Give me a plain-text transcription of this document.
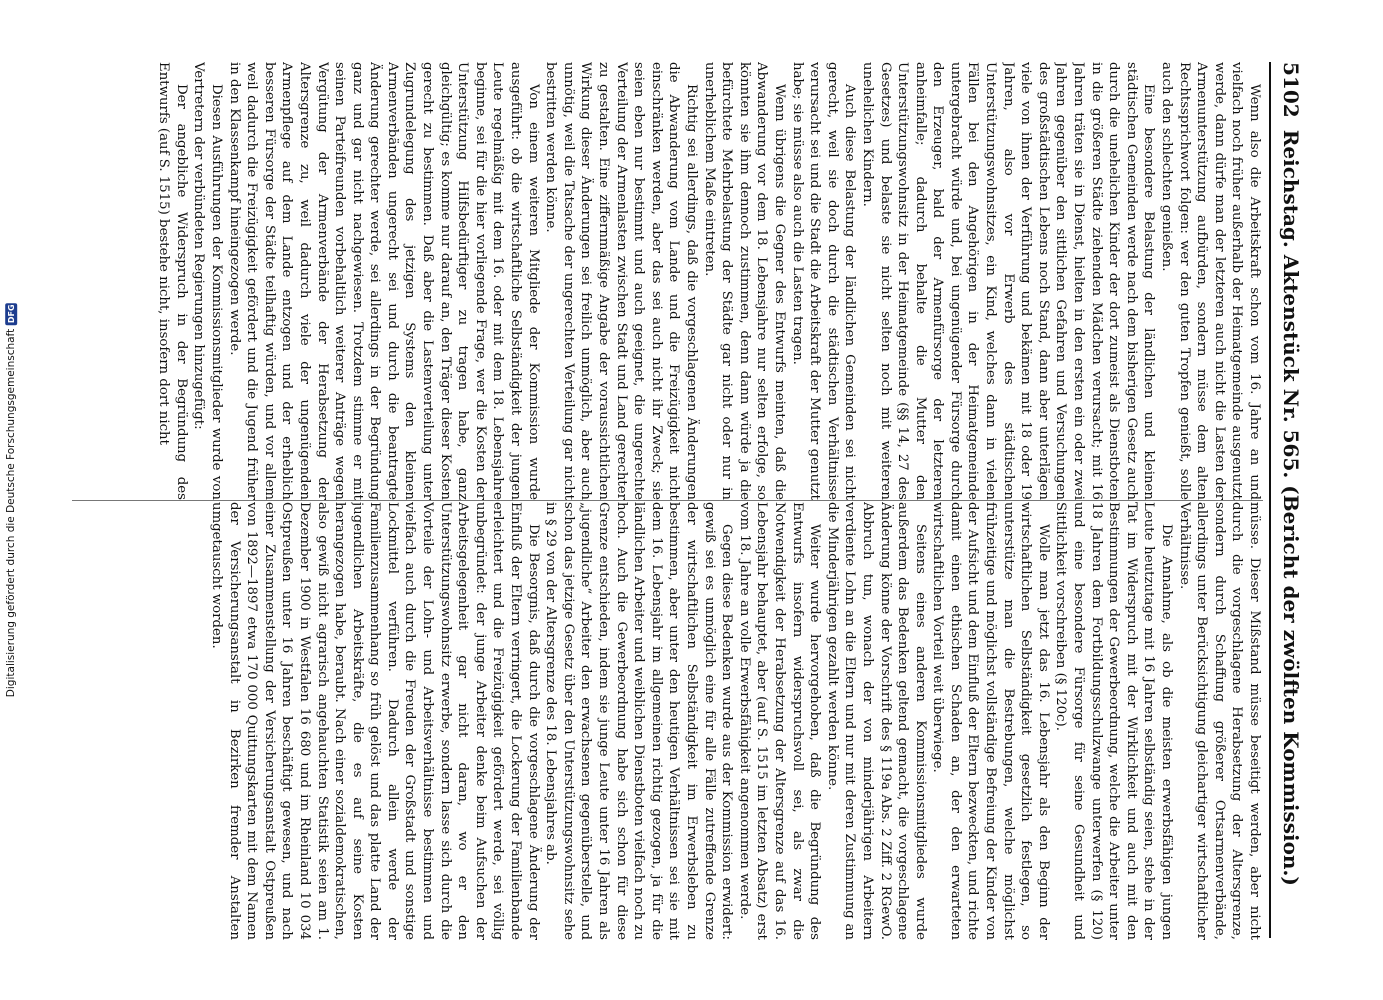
5102
Reichstag. Aktenstück Nr. 565. (Bericht der zwölften Kommission.)

Wenn also die Arbeitskraft schon vom 16. Jahre an und vielfach noch früher außerhalb der Heimatgemeinde ausgenutzt werde, dann dürfe man der letzteren auch nicht die Lasten der Armenunterstützung aufbürden, sondern müsse dem alten Rechtssprichwort folgen: wer den guten Tropfen genießt, solle auch den schlechten genießen.

Eine besondere Belastung der ländlichen und kleinen städtischen Gemeinden werde nach dem bisherigen Gesetz auch durch die unehelichen Kinder der dort zumeist als Dienstboten in die größeren Städte ziehenden Mädchen verursacht; mit 16 Jahren träten sie in Dienst, hielten in den ersten ein oder zwei Jahren gegenüber den sittlichen Gefahren und Versuchungen des großstädtischen Lebens noch Stand, dann aber unterlägen viele von ihnen der Verführung und bekämen mit 18 oder 19 Jahren, also vor Erwerb des städtischen Unterstützungswohnsitzes, ein Kind, welches dann in vielen Fällen bei den Angehörigen in der Heimatgemeinde untergebracht würde und, bei ungenügender Fürsorge durch den Erzeuger, bald der Armenfürsorge der letzteren anheimfalle; dadurch behalte die Mutter den Unterstützungswohnsitz in der Heimatgemeinde (§§ 14, 27 des Gesetzes) und belaste sie nicht selten noch mit weiteren unehelichen Kindern.

Auch diese Belastung der ländlichen Gemeinden sei nicht gerecht, weil sie doch durch die städtischen Verhältnisse verursacht sei und die Stadt die Arbeitskraft der Mutter genutzt habe; sie müsse also auch die Lasten tragen.

Wenn übrigens die Gegner des Entwurfs meinten, daß die Abwanderung vor dem 18. Lebensjahre nur selten erfolge, so könnten sie ihm dennoch zustimmen, denn dann würde ja die befürchtete Mehrbelastung der Städte gar nicht oder nur in unerheblichem Maße eintreten.

Richtig sei allerdings, daß die vorgeschlagenen Änderungen die Abwanderung vom Lande und die Freizügigkeit nicht einschränken werden, aber das sei auch nicht ihr Zweck; sie seien eben nur bestimmt und auch geeignet, die ungerechte Verteilung der Armenlasten zwischen Stadt und Land gerechter zu gestalten. Eine ziffernmäßige Angabe der voraussichtlichen Wirkung dieser Änderungen sei freilich unmöglich, aber auch unnötig, weil die Tatsache der ungerechten Verteilung gar nicht bestritten werden könne.

Von einem weiteren Mitgliede der Kommission wurde ausgeführt: ob die wirtschaftliche Selbständigkeit der jungen Leute regelmäßig mit dem 16. oder mit dem 18. Lebensjahre beginne, sei für die hier vorliegende Frage, wer die Kosten der Unterstützung Hilfsbedürftiger zu tragen habe, ganz gleichgültig; es komme nur darauf an, den Träger dieser Kosten gerecht zu bestimmen. Daß aber die Lastenverteilung unter Zugrundelegung des jetzigen Systems den kleinen Armenverbänden ungerecht sei und durch die beantragte Änderung gerechter werde, sei allerdings in der Begründung ganz und gar nicht nachgewiesen. Trotzdem stimme er mit seinen Parteifreunden vorbehaltlich weiterer Anträge wegen Vergütung der Armenverbände der Herabsetzung der Altersgrenze zu, weil dadurch viele der ungenügenden Armenpflege auf dem Lande entzogen und der erheblich besseren Fürsorge der Städte teilhaftig würden, und vor allem weil dadurch die Freizügigkeit gefördert und die Jugend früher in den Klassenkampf hineingezogen werde.

Diesen Ausführungen der Kommissionsmitglieder wurde von Vertretern der verbündeten Regierungen hinzugefügt:

Der angebliche Widerspruch in der Begründung des Entwurfs (auf S. 1515) bestehe nicht, insofern dort nicht

müsse. Dieser Mißstand müsse beseitigt werden, aber nicht durch die vorgeschlagene Herabsetzung der Altersgrenze, sondern durch Schaffung größerer Ortsarmenverbände, allerdings unter Berücksichtigung gleichartiger wirtschaftlicher Verhältnisse.

Die Annahme, als ob die meisten erwerbsfähigen jungen Leute heutzutage mit 16 Jahren selbständig seien, stehe in der Tat im Widerspruch mit der Wirklichkeit und auch mit den Bestimmungen der Gewerbeordnung, welche die Arbeiter unter 18 Jahren dem Fortbildungsschulzwange unterwerfen (§ 120) und eine besondere Fürsorge für seine Gesundheit und Sittlichkeit vorschreiben (§ 120c).

Wolle man jetzt das 16. Lebensjahr als den Beginn der wirtschaftlichen Selbständigkeit gesetzlich festlegen, so unterstütze man die Bestrebungen, welche möglichst frühzeitige und möglichst vollständige Befreiung der Kinder von der Aufsicht und dem Einfluß der Eltern bezweckten, und richte damit einen ethischen Schaden an, der den erwarteten wirtschaftlichen Vorteil weit überwiege.

Seitens eines anderen Kommissionsmitgliedes wurde außerdem das Bedenken geltend gemacht, die vorgeschlagene Änderung könne der Vorschrift des § 119a Abs. 2 Ziff. 2 RGewO. Abbruch tun, wonach der von minderjährigen Arbeitern verdiente Lohn an die Eltern und nur mit deren Zustimmung an die Minderjährigen gezahlt werden könne.

Weiter wurde hervorgehoben, daß die Begründung des Entwurfs insofern widerspruchsvoll sei, als zwar die Notwendigkeit der Herabsetzung der Altersgrenze auf das 16. Lebensjahr behauptet, aber (auf S. 1515 im letzten Absatz) erst vom 18. Jahre an volle Erwerbsfähigkeit angenommen werde.

Gegen diese Bedenken wurde aus der Kommission erwidert: gewiß sei es unmöglich eine für alle Fälle zutreffende Grenze der wirtschaftlichen Selbständigkeit im Erwerbsleben zu bestimmen, aber unter den heutigen Verhältnissen sei sie mit dem 16. Lebensjahr im allgemeinen richtig gezogen, ja für die ländlichen Arbeiter und weiblichen Dienstboten vielfach noch zu hoch. Auch die Gewerbeordnung habe sich schon für diese Grenze entschieden, indem sie junge Leute unter 16 Jahren als „jugendliche“ Arbeiter den erwachsenen gegenüberstelle, und schon das jetzige Gesetz über den Unterstützungswohnsitz sehe in § 29 von der Altersgrenze des 18. Lebensjahres ab.

Die Besorgnis, daß durch die vorgeschlagene Änderung der Einfluß der Eltern verringert, die Lockerung der Familienbande erleichtert und die Freizügigkeit gefördert werde, sei völlig unbegründet: der junge Arbeiter denke beim Aufsuchen der Arbeitsgelegenheit gar nicht daran, wo er den Unterstützungswohnsitz erwerbe, sondern lasse sich durch die Vorteile der Lohn- und Arbeitsverhältnisse bestimmen und vielfach auch durch die Freuden der Großstadt und sonstige Lockmittel verführen. Dadurch allein werde der Familienzusammenhang so früh gelöst und das platte Land der jugendlichen Arbeitskräfte, die es auf seine Kosten herangezogen habe, beraubt. Nach einer sozialdemokratischen, also gewiß nicht agrarisch angehauchten Statistik seien am 1. Dezember 1900 in Westfalen 16 680 und im Rheinland 10 034 Ostpreußen unter 16 Jahren beschäftigt gewesen, und nach einer Zusammenstellung der Versicherungsanstalt Ostpreußen von 1892—1897 etwa 170 000 Quittungskarten mit dem Namen der Versicherungsanstalt in Bezirken fremder Anstalten umgetauscht worden.

Digitalisierung gefördert durch die Deutsche Forschungsgemeinschaft
DFG
